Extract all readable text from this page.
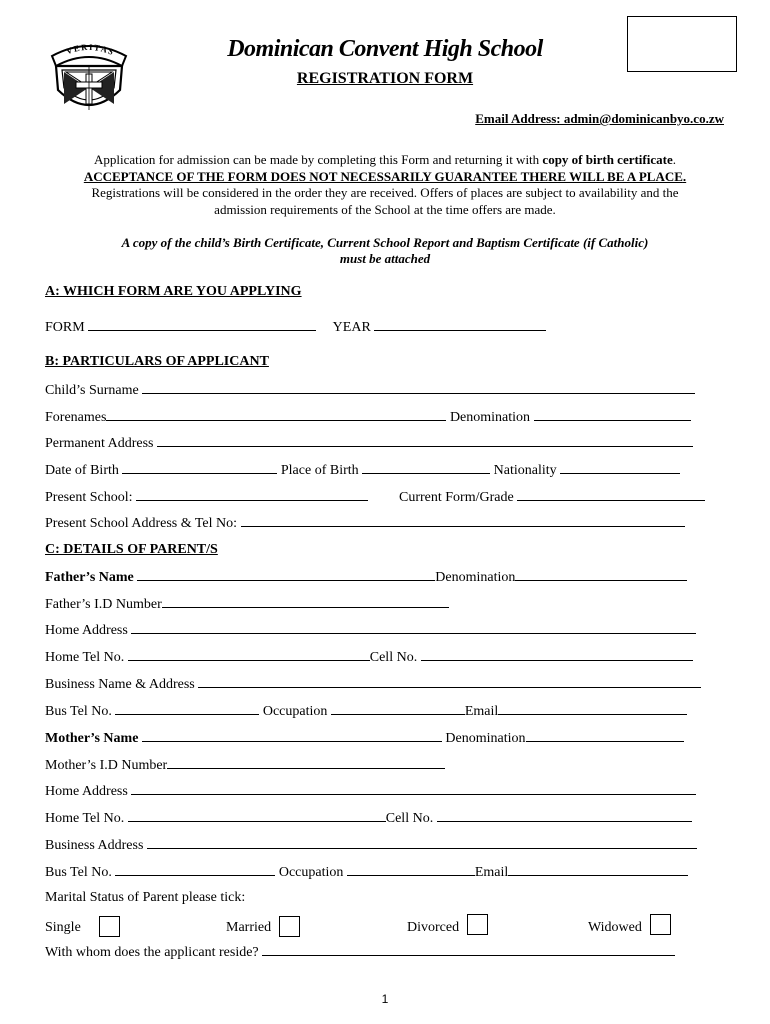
VERITAS	Dominican Convent High School
REGISTRATION FORM
Email Address: admin@dominicanbyo.co.zw
Application for admission can be made by completing this Form and returning it with copy of birth certificate.
ACCEPTANCE OF THE FORM DOES NOT NECESSARILY GUARANTEE THERE WILL BE A PLACE.
Registrations will be considered in the order they are received. Offers of places are subject to availability and the
admission requirements of the School at the time offers are made.
A copy of the child’s Birth Certificate, Current School Report and Baptism Certificate (if Catholic)
must be attached
A: WHICH FORM ARE YOU APPLYING
FORM	YEAR
B: PARTICULARS OF APPLICANT
Child’s Surname
Forenames	Denomination
Permanent Address
Date of Birth	Place of Birth	Nationality
Present School:	Current Form/Grade
Present School Address & Tel No:
C: DETAILS OF PARENT/S
Father’s Name	Denomination
Father’s I.D Number
Home Address
Home Tel No.	Cell No.
Business Name & Address
Bus Tel No.	Occupation	Email
Mother’s Name	Denomination
Mother’s I.D Number
Home Address
Home Tel No.	Cell No.
Business Address
Bus Tel No.	Occupation	Email
Marital Status of Parent please tick:
Single	Married	Divorced	Widowed
With whom does the applicant reside?
1
